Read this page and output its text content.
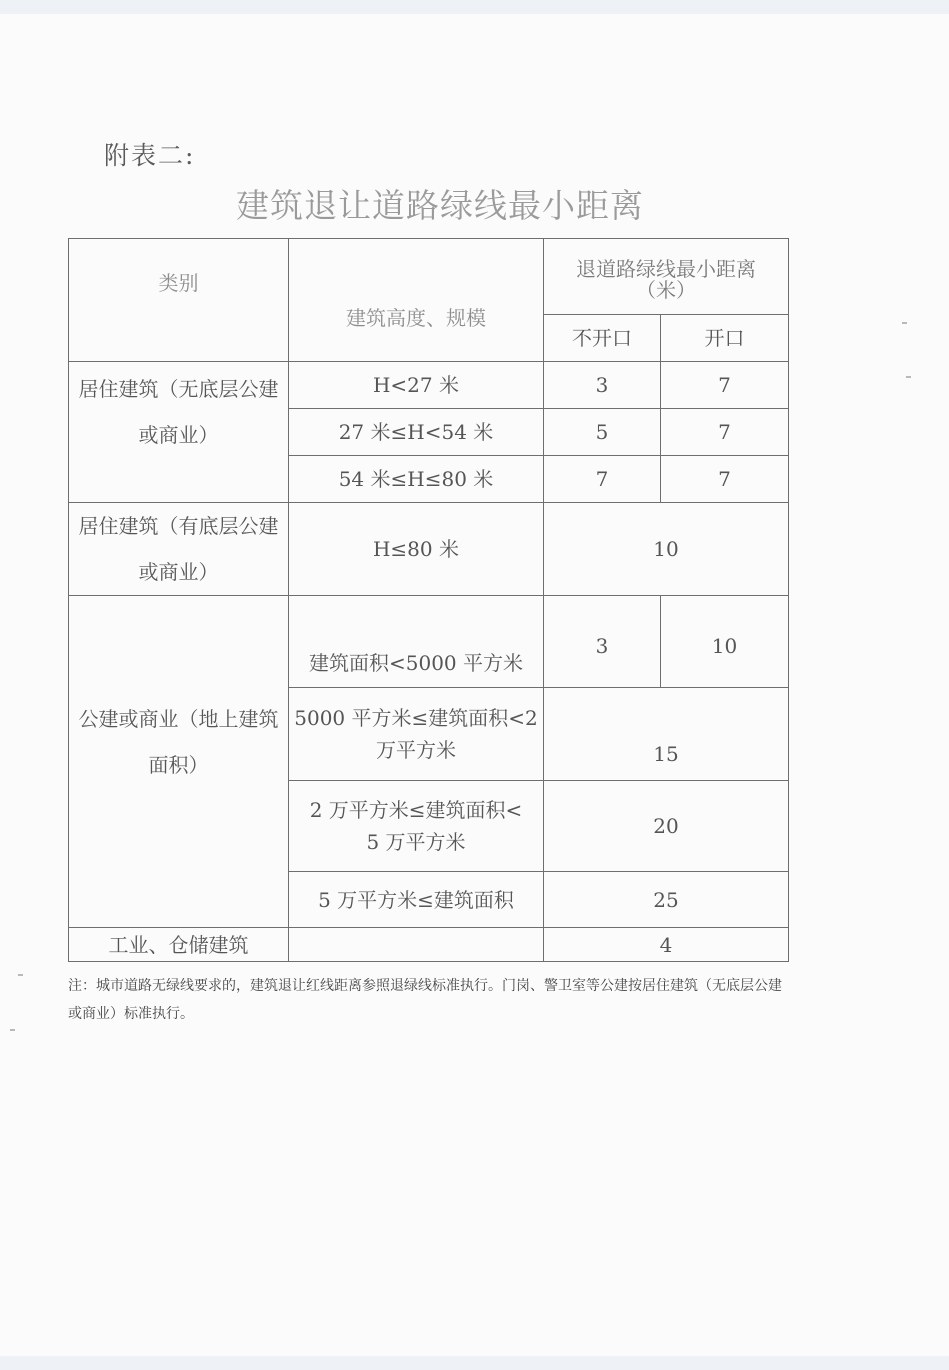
附表二:
建筑退让道路绿线最小距离
类别	建筑高度、规模	退道路绿线最小距离
（米）	

		不开口	开口
居住建筑（无底层公建或商业）	H<27 米	3	7
	27 米≤H<54 米	5	7
	54 米≤H≤80 米	7	7
居住建筑（有底层公建或商业）	H≤80 米	10	
公建或商业（地上建筑面积）	建筑面积<5000 平方米	3	10
	5000 平方米≤建筑面积<2 万平方米	15	
	2 万平方米≤建筑面积<5 万平方米	20	
	5 万平方米≤建筑面积	25	
工业、仓储建筑		4	
注：城市道路无绿线要求的，建筑退让红线距离参照退绿线标准执行。门岗、警卫室等公建按居住建筑（无底层公建或商业）标准执行。
